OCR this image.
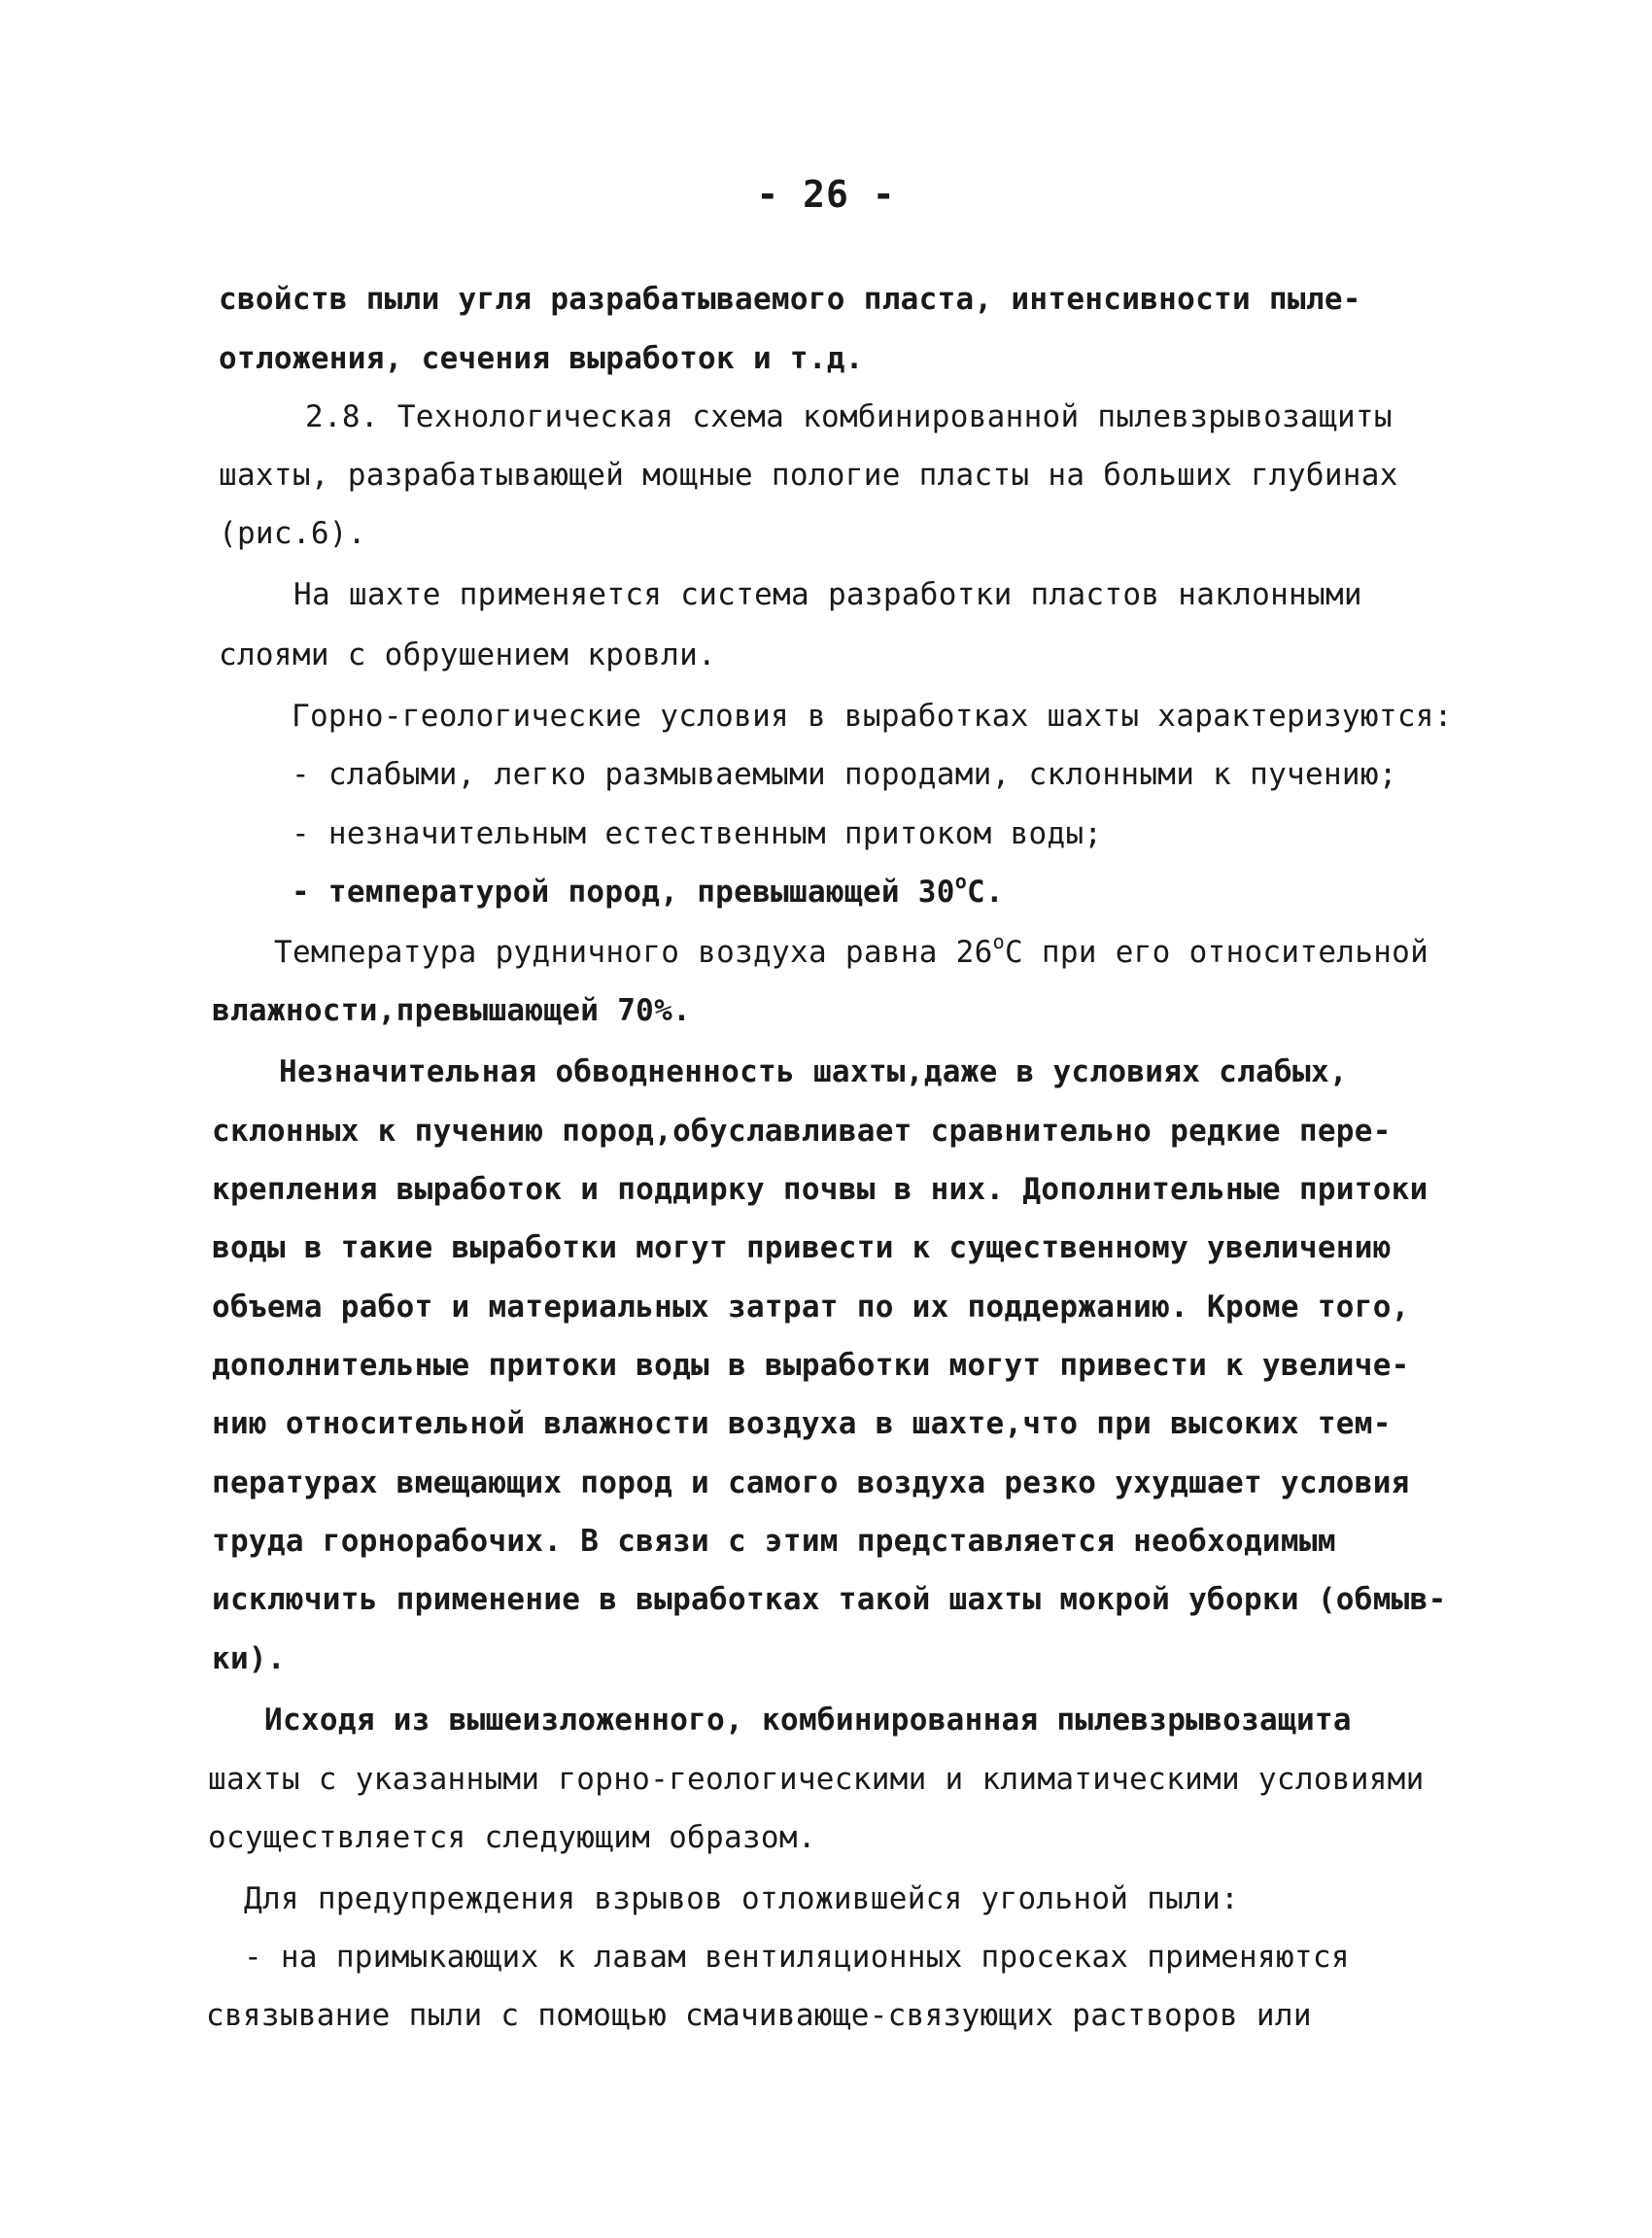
- 26 -
свойств пыли угля разрабатываемого пласта, интенсивности пыле-
отложения, сечения выработок и т.д.
2.8. Технологическая схема комбинированной пылевзрывозащиты
шахты, разрабатывающей мощные пологие пласты на больших глубинах
(рис.6).
На шахте применяется система разработки пластов наклонными
слоями с обрушением кровли.
Горно-геологические условия в выработках шахты характеризуются:
- слабыми, легко размываемыми породами, склонными к пучению;
- незначительным естественным притоком воды;
- температурой пород, превышающей $30^оС$.
Температура рудничного воздуха равна $26^оС$ при его относительной
влажности,превышающей 70%.
Незначительная обводненность шахты,даже в условиях слабых,
склонных к пучению пород,обуславливает сравнительно редкие пере-
крепления выработок и поддирку почвы в них. Дополнительные притоки
воды в такие выработки могут привести к существенному увеличению
объема работ и материальных затрат по их поддержанию. Кроме того,
дополнительные притоки воды в выработки могут привести к увеличе-
нию относительной влажности воздуха в шахте,что при высоких тем-
пературах вмещающих пород и самого воздуха резко ухудшает условия
труда горнорабочих. В связи с этим представляется необходимым
исключить применение в выработках такой шахты мокрой уборки (обмыв-
ки).
Исходя из вышеизложенного, комбинированная пылевзрывозащита
шахты с указанными горно-геологическими и климатическими условиями
осуществляется следующим образом.
Для предупреждения взрывов отложившейся угольной пыли:
- на примыкающих к лавам вентиляционных просеках применяются
связывание пыли с помощью смачивающе-связующих растворов или
